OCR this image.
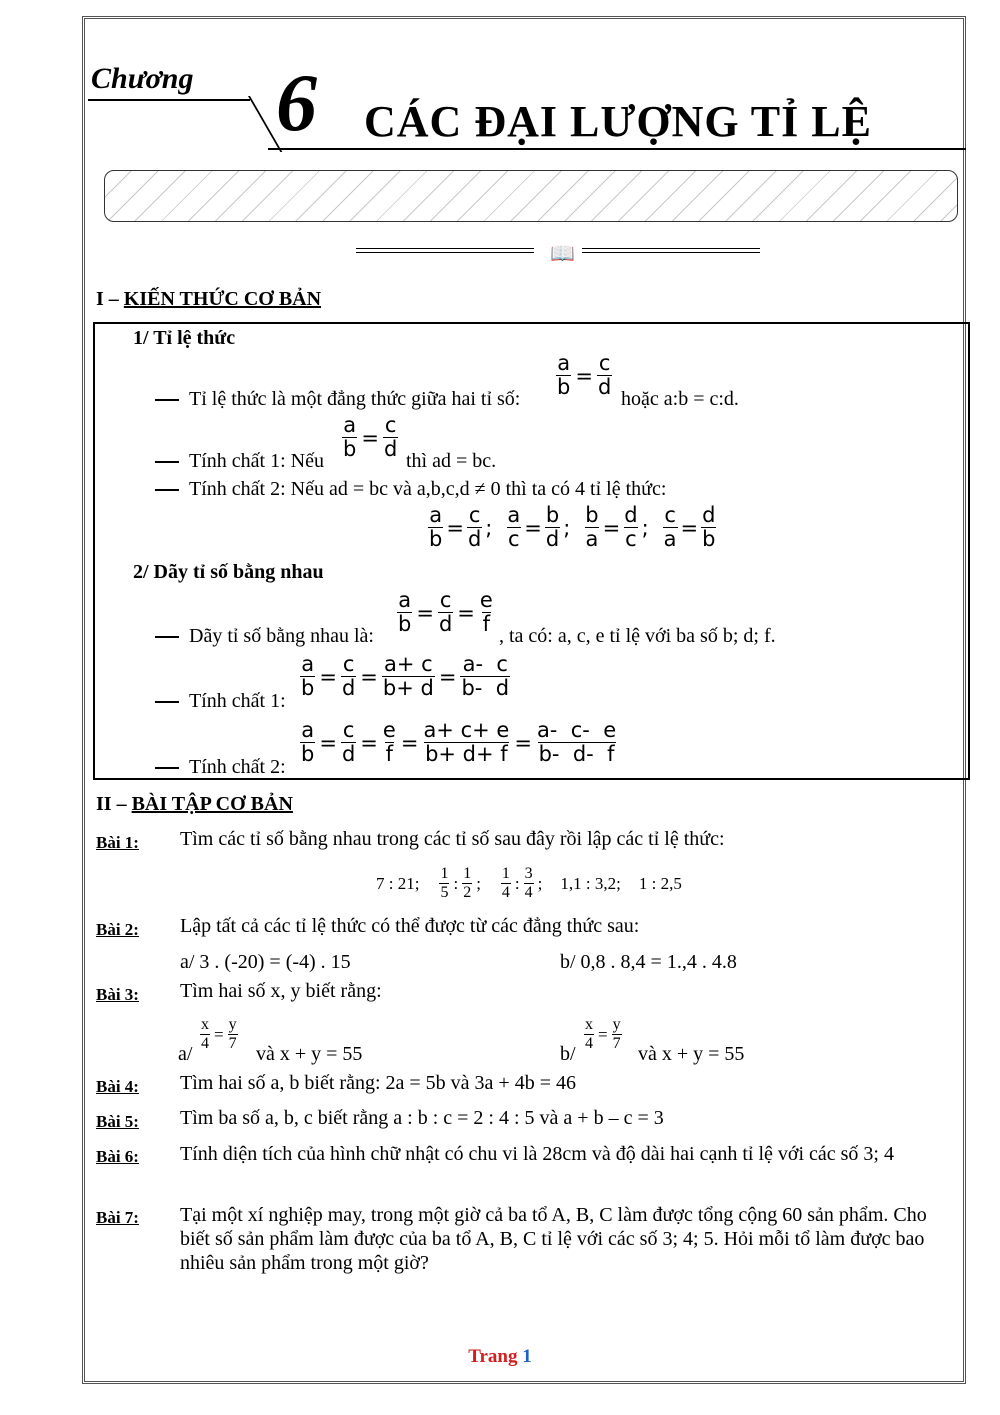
Chương 6 CÁC ĐẠI LƯỢNG TỈ LỆ
📖
I – KIẾN THỨC CƠ BẢN
1/ Tỉ lệ thức
Tỉ lệ thức là một đẳng thức giữa hai tỉ số: $\frac{a}{b} = \frac{c}{d}$ hoặc a:b = c:d.
Tính chất 1: Nếu $\frac{a}{b} = \frac{c}{d}$ thì ad = bc.
Tính chất 2: Nếu ad = bc và a,b,c,d ≠ 0 thì ta có 4 tỉ lệ thức:
$\frac{a}{b} = \frac{c}{d}$ ; $\frac{a}{c} = \frac{b}{d}$ ; $\frac{b}{a} = \frac{d}{c}$ ; $\frac{c}{a} = \frac{d}{b}$
2/ Dãy tỉ số bằng nhau
Dãy tỉ số bằng nhau là: $\frac{a}{b} = \frac{c}{d} = \frac{e}{f}$ , ta có: a, c, e tỉ lệ với ba số b; d; f.
Tính chất 1:
$\frac{a}{b} = \frac{c}{d} = \frac{a+ c}{b+ d} = \frac{a- c}{b- d}$
Tính chất 2:
$\frac{a}{b} = \frac{c}{d} = \frac{e}{f} = \frac{a+ c+ e}{b+ d+ f} = \frac{a- c- e}{b- d- f}$
II – BÀI TẬP CƠ BẢN
Bài 1:	Tìm các tỉ số bằng nhau trong các tỉ số sau đây rồi lập các tỉ lệ thức:
7 : 21; $\frac{1}{5}$ : $\frac{1}{2}$ ; $\frac{1}{4}$ : $\frac{3}{4}$ ; 1,1 : 3,2; 1 : 2,5
Bài 2:	Lập tất cả các tỉ lệ thức có thể được từ các đẳng thức sau:
a/ 3 . (-20) = (-4) . 15	b/ 0,8 . 8,4 = 1.,4 . 4.8
Bài 3:	Tìm hai số x, y biết rằng:
a/
$\frac{x}{4} = \frac{y}{7}$
và x + y = 55	b/
$\frac{x}{4} = \frac{y}{7}$
và x + y = 55
Bài 4:	Tìm hai số a, b biết rằng: 2a = 5b và 3a + 4b = 46
Bài 5:	Tìm ba số a, b, c biết rằng a : b : c = 2 : 4 : 5 và a + b – c = 3
Bài 6:	Tính diện tích của hình chữ nhật có chu vi là 28cm và độ dài hai cạnh tỉ lệ với các số 3; 4
Bài 7:	Tại một xí nghiệp may, trong một giờ cả ba tổ A, B, C làm được tổng cộng 60 sản phẩm. Cho biết số sản phẩm làm được của ba tổ A, B, C tỉ lệ với các số 3; 4; 5. Hỏi mỗi tổ làm được bao nhiêu sản phẩm trong một giờ?
Trang 1
